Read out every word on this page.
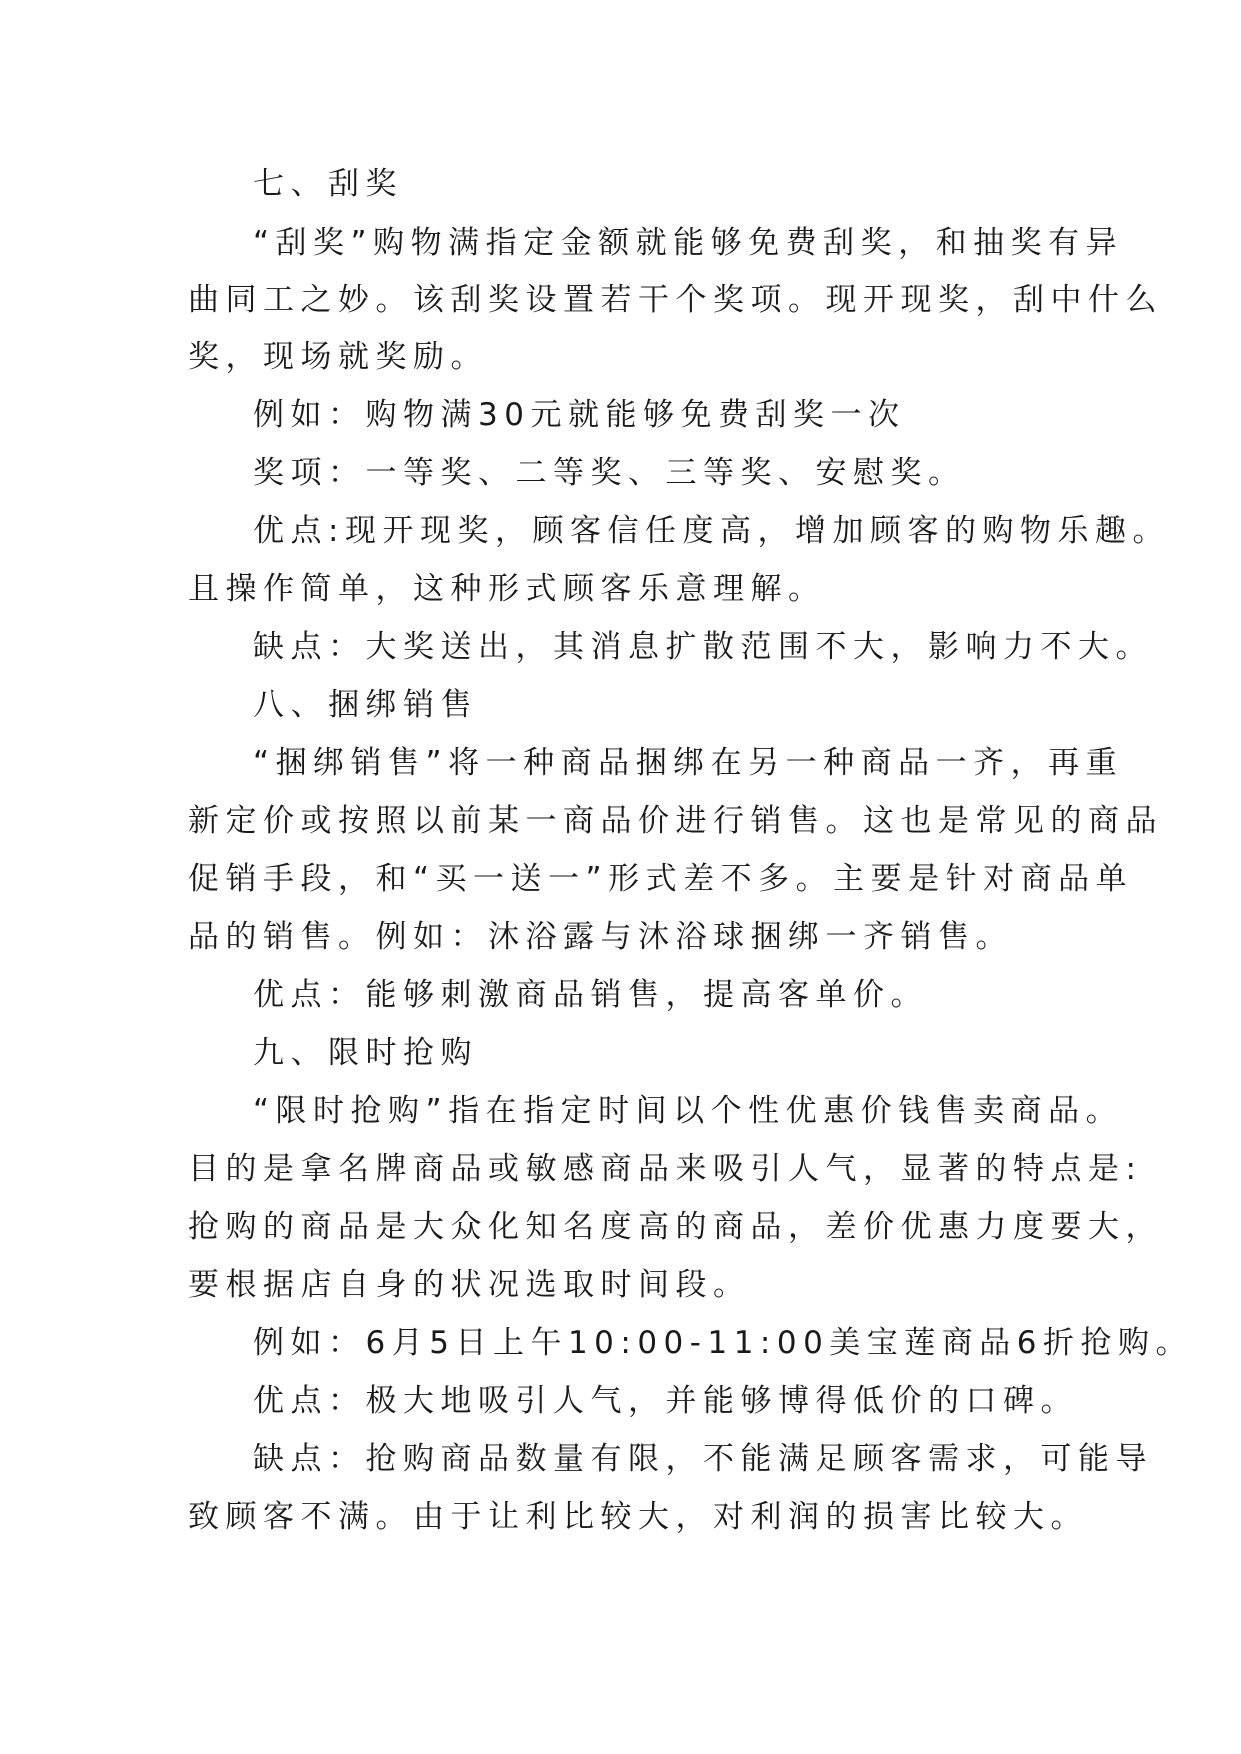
七、刮奖
“刮奖”购物满指定金额就能够免费刮奖，和抽奖有异
曲同工之妙。该刮奖设置若干个奖项。现开现奖，刮中什么
奖，现场就奖励。
例如：购物满30元就能够免费刮奖一次
奖项：一等奖、二等奖、三等奖、安慰奖。
优点:现开现奖，顾客信任度高，增加顾客的购物乐趣。
且操作简单，这种形式顾客乐意理解。
缺点：大奖送出，其消息扩散范围不大，影响力不大。
八、捆绑销售
“捆绑销售”将一种商品捆绑在另一种商品一齐，再重
新定价或按照以前某一商品价进行销售。这也是常见的商品
促销手段，和“买一送一”形式差不多。主要是针对商品单
品的销售。例如：沐浴露与沐浴球捆绑一齐销售。
优点：能够刺激商品销售，提高客单价。
九、限时抢购
“限时抢购”指在指定时间以个性优惠价钱售卖商品。
目的是拿名牌商品或敏感商品来吸引人气，显著的特点是:
抢购的商品是大众化知名度高的商品，差价优惠力度要大，
要根据店自身的状况选取时间段。
例如：6月5日上午10:00-11:00美宝莲商品6折抢购。
优点：极大地吸引人气，并能够博得低价的口碑。
缺点：抢购商品数量有限，不能满足顾客需求，可能导
致顾客不满。由于让利比较大，对利润的损害比较大。
